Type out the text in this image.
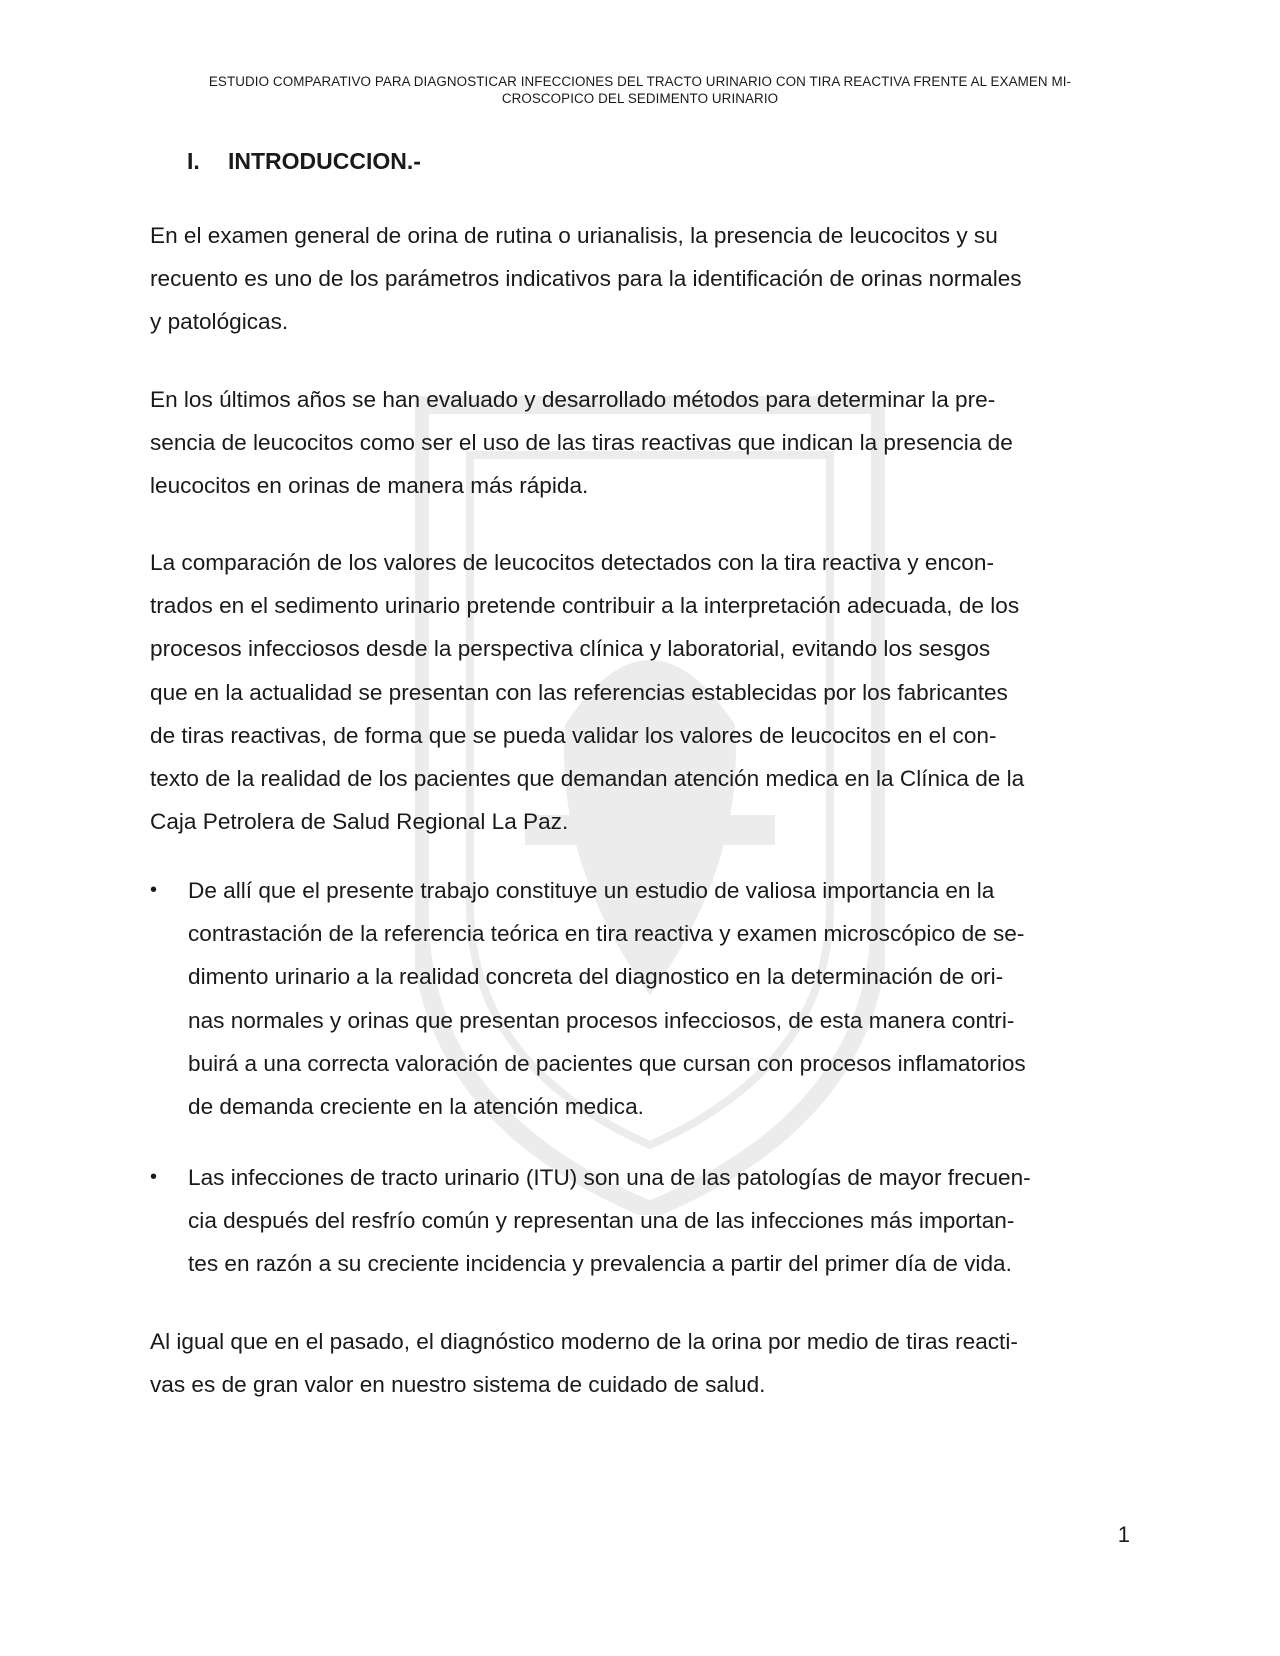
ESTUDIO COMPARATIVO PARA DIAGNOSTICAR INFECCIONES DEL TRACTO URINARIO CON TIRA REACTIVA FRENTE AL EXAMEN MI-
CROSCOPICO DEL SEDIMENTO URINARIO
I. INTRODUCCION.-

En el examen general de orina de rutina o urianalisis, la presencia de leucocitos y su
recuento es uno de los parámetros indicativos para la identificación de orinas normales
y patológicas.

En los últimos años se han evaluado y desarrollado métodos para determinar la pre-
sencia de leucocitos como ser el uso de las tiras reactivas que indican la presencia de
leucocitos en orinas de manera más rápida.

La comparación de los valores de leucocitos detectados con la tira reactiva y encon-
trados en el sedimento urinario pretende contribuir a la interpretación adecuada, de los
procesos infecciosos desde la perspectiva clínica y laboratorial, evitando los sesgos
que en la actualidad se presentan con las referencias establecidas por los fabricantes
de tiras reactivas, de forma que se pueda validar los valores de leucocitos en el con-
texto de la realidad de los pacientes que demandan atención medica en la Clínica de la
Caja Petrolera de Salud Regional La Paz.

•	De allí que el presente trabajo constituye un estudio de valiosa importancia en la
contrastación de la referencia teórica en tira reactiva y examen microscópico de se-
dimento urinario a la realidad concreta del diagnostico en la determinación de ori-
nas normales y orinas que presentan procesos infecciosos, de esta manera contri-
buirá a una correcta valoración de pacientes que cursan con procesos inflamatorios
de demanda creciente en la atención medica.

•	Las infecciones de tracto urinario (ITU) son una de las patologías de mayor frecuen-
cia después del resfrío común y representan una de las infecciones más importan-
tes en razón a su creciente incidencia y prevalencia a partir del primer día de vida.

Al igual que en el pasado, el diagnóstico moderno de la orina por medio de tiras reacti-
vas es de gran valor en nuestro sistema de cuidado de salud.

1
